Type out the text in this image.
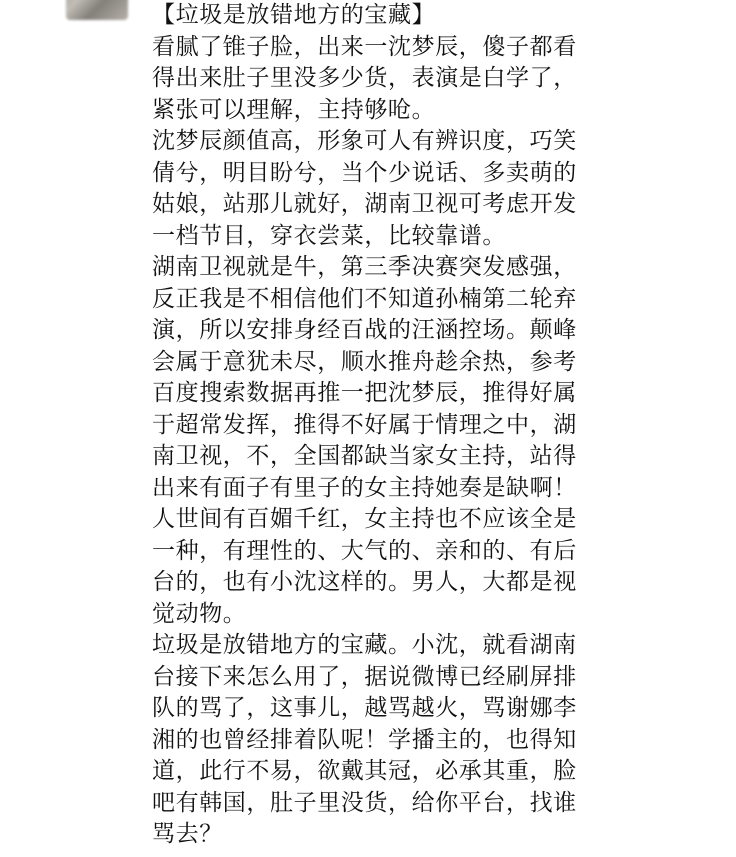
【垃圾是放错地方的宝藏】
看腻了锥子脸，出来一沈梦辰，傻子都看
得出来肚子里没多少货，表演是白学了，
紧张可以理解，主持够呛。
沈梦辰颜值高，形象可人有辨识度，巧笑
倩兮，明目盼兮，当个少说话、多卖萌的
姑娘，站那儿就好，湖南卫视可考虑开发
一档节目，穿衣尝菜，比较靠谱。
湖南卫视就是牛，第三季决赛突发感强，
反正我是不相信他们不知道孙楠第二轮弃
演，所以安排身经百战的汪涵控场。颠峰
会属于意犹未尽，顺水推舟趁余热，参考
百度搜索数据再推一把沈梦辰，推得好属
于超常发挥，推得不好属于情理之中，湖
南卫视，不，全国都缺当家女主持，站得
出来有面子有里子的女主持她奏是缺啊！
人世间有百媚千红，女主持也不应该全是
一种，有理性的、大气的、亲和的、有后
台的，也有小沈这样的。男人，大都是视
觉动物。
垃圾是放错地方的宝藏。小沈，就看湖南
台接下来怎么用了，据说微博已经刷屏排
队的骂了，这事儿，越骂越火，骂谢娜李
湘的也曾经排着队呢！学播主的，也得知
道，此行不易，欲戴其冠，必承其重，脸
吧有韩国，肚子里没货，给你平台，找谁
骂去？
